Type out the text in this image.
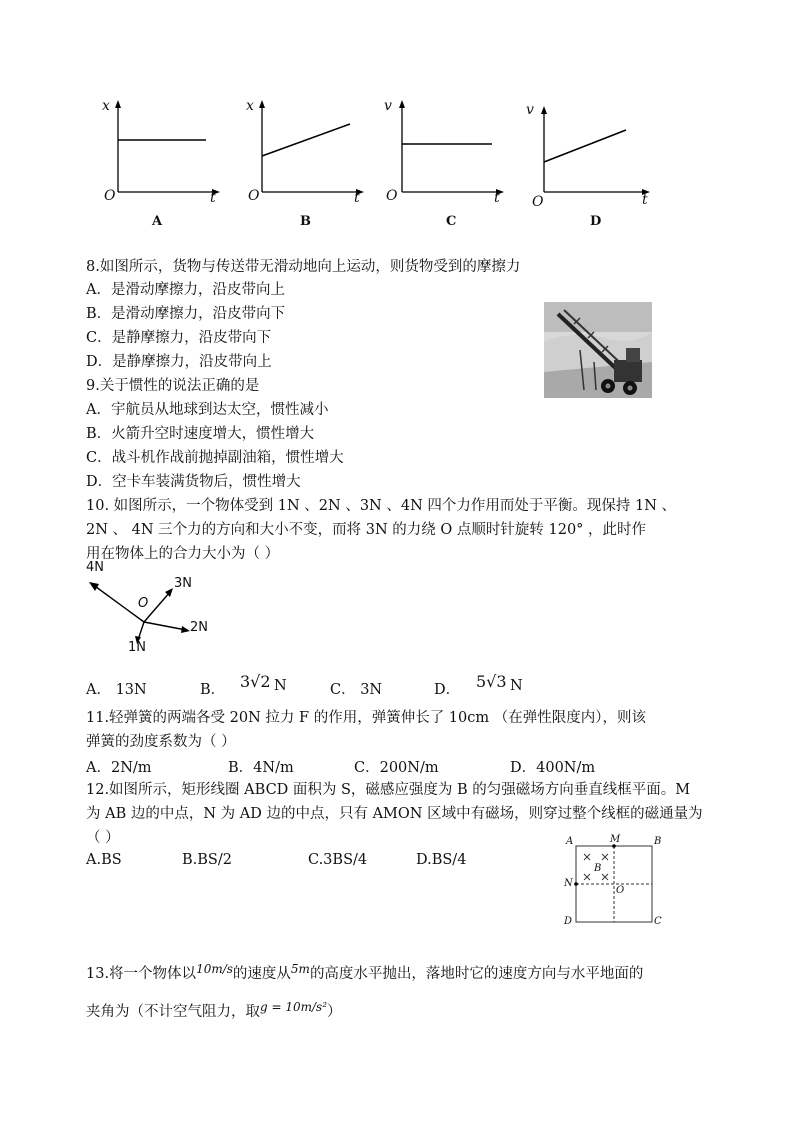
x
O	t
A
x
O	t
B
v
O	t
C
v
O	t
D
8.如图所示，货物与传送带无滑动地向上运动，则货物受到的摩擦力
A．是滑动摩擦力，沿皮带向上
B．是滑动摩擦力，沿皮带向下
C．是静摩擦力，沿皮带向下
D．是静摩擦力，沿皮带向上
9.关于惯性的说法正确的是
A．宇航员从地球到达太空，惯性减小
B．火箭升空时速度增大，惯性增大
C．战斗机作战前抛掉副油箱，惯性增大
D．空卡车装满货物后，惯性增大
10. 如图所示，一个物体受到 1N 、2N 、3N 、4N 四个力作用而处于平衡。现保持 1N 、
2N 、 4N 三个力的方向和大小不变，而将 3N 的力绕 O 点顺时针旋转 120° ，此时作
用在物体上的合力大小为（ ）
4N
3N
2N
1N
O
A． 13N	B． 3√2 N	C． 3N	D． 5√3 N
11.轻弹簧的两端各受 20N 拉力 F 的作用，弹簧伸长了 10cm （在弹性限度内），则该
弹簧的劲度系数为（ ）
A．2N/m	B．4N/m	C．200N/m	D．400N/m
12.如图所示，矩形线圈 ABCD 面积为 S，磁感应强度为 B 的匀强磁场方向垂直线框平面。M
为 AB 边的中点，N 为 AD 边的中点，只有 AMON 区域中有磁场，则穿过整个线框的磁通量为
（ ）
A.BS	B.BS/2	C.3BS/4	D.BS/4
A	M	B
N
B
O
D	C
13.将一个物体以$^{10m/s}$的速度从$^{5m}$的高度水平抛出，落地时它的速度方向与水平地面的
夹角为（不计空气阻力，取$^{g = 10m/s^2}$）
